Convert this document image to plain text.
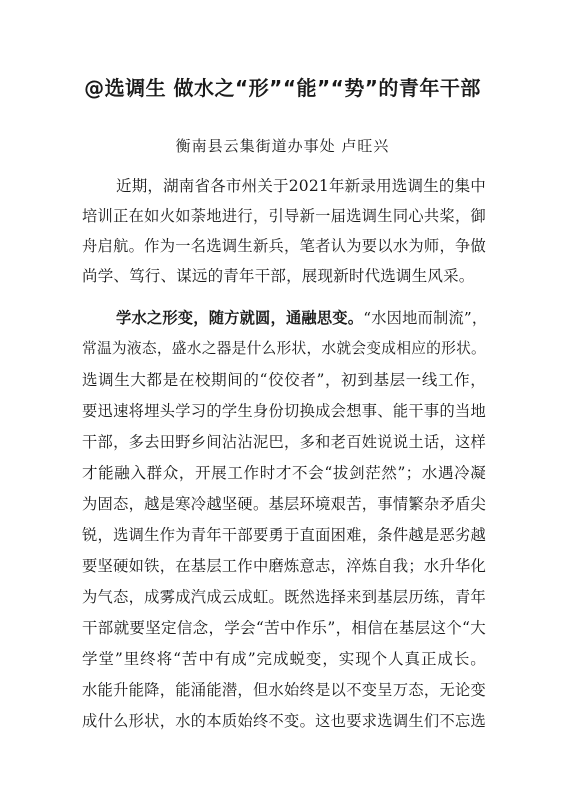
@选调生 做水之“形”“能”“势”的青年干部
衡南县云集街道办事处 卢旺兴
近期，湖南省各市州关于2021年新录用选调生的集中
培训正在如火如荼地进行，引导新一届选调生同心共桨，御
舟启航。作为一名选调生新兵，笔者认为要以水为师，争做
尚学、笃行、谋远的青年干部，展现新时代选调生风采。
学水之形变，随方就圆，通融思变。“水因地而制流”，
常温为液态，盛水之器是什么形状，水就会变成相应的形状。
选调生大都是在校期间的“佼佼者”，初到基层一线工作，
要迅速将埋头学习的学生身份切换成会想事、能干事的当地
干部，多去田野乡间沾沾泥巴，多和老百姓说说土话，这样
才能融入群众，开展工作时才不会“拔剑茫然”；水遇冷凝
为固态，越是寒冷越坚硬。基层环境艰苦，事情繁杂矛盾尖
锐，选调生作为青年干部要勇于直面困难，条件越是恶劣越
要坚硬如铁，在基层工作中磨炼意志，淬炼自我；水升华化
为气态，成雾成汽成云成虹。既然选择来到基层历练，青年
干部就要坚定信念，学会“苦中作乐”，相信在基层这个“大
学堂”里终将“苦中有成”完成蜕变，实现个人真正成长。
水能升能降，能涌能潜，但水始终是以不变呈万态，无论变
成什么形状，水的本质始终不变。这也要求选调生们不忘选
